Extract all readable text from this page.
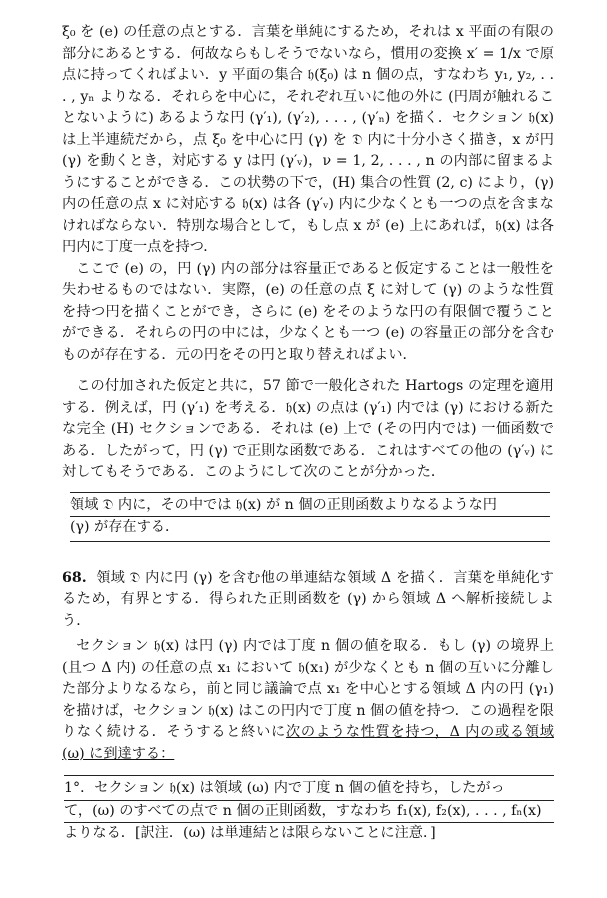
ξ₀ を (e) の任意の点とする．言葉を単純にするため，それは x 平面の有限の部分にあるとする．何故ならもしそうでないなら，慣用の変換 x′ = 1/x で原点に持ってくればよい．y 平面の集合 𝔥(ξ₀) は n 個の点，すなわち y₁, y₂, . . . , yₙ よりなる．それらを中心に，それぞれ互いに他の外に (円周が触れることないように) あるような円 (γ′₁), (γ′₂), . . . , (γ′ₙ) を描く．セクション 𝔥(x) は上半連続だから，点 ξ₀ を中心に円 (γ) を 𝔇 内に十分小さく描き，x が円 (γ) を動くとき，対応する y は円 (γ′ᵥ)，ν = 1, 2, . . . , n の内部に留まるようにすることができる．この状勢の下で，(H) 集合の性質 (2, c) により，(γ) 内の任意の点 x に対応する 𝔥(x) は各 (γ′ᵥ) 内に少なくとも一つの点を含まなければならない．特別な場合として，もし点 x が (e) 上にあれば，𝔥(x) は各円内に丁度一点を持つ．

ここで (e) の，円 (γ) 内の部分は容量正であると仮定することは一般性を失わせるものではない．実際，(e) の任意の点 ξ に対して (γ) のような性質を持つ円を描くことができ，さらに (e) をそのような円の有限個で覆うことができる．それらの円の中には，少なくとも一つ (e) の容量正の部分を含むものが存在する．元の円をその円と取り替えればよい．

この付加された仮定と共に，57 節で一般化された Hartogs の定理を適用する．例えば，円 (γ′₁) を考える．𝔥(x) の点は (γ′₁) 内では (γ) における新たな完全 (H) セクションである．それは (e) 上で (その円内では) 一価函数である．したがって，円 (γ) で正則な函数である．これはすべての他の (γ′ᵥ) に対してもそうである．このようにして次のことが分かった．

領域 𝔇 内に，その中では 𝔥(x) が n 個の正則函数よりなるような円
(γ) が存在する．

68. 領域 𝔇 内に円 (γ) を含む他の単連結な領域 Δ を描く．言葉を単純化するため，有界とする．得られた正則函数を (γ) から領域 Δ へ解析接続しよう．

セクション 𝔥(x) は円 (γ) 内では丁度 n 個の値を取る．もし (γ) の境界上 (且つ Δ 内) の任意の点 x₁ において 𝔥(x₁) が少なくとも n 個の互いに分離した部分よりなるなら，前と同じ議論で点 x₁ を中心とする領域 Δ 内の円 (γ₁) を描けば，セクション 𝔥(x) はこの円内で丁度 n 個の値を持つ．この過程を限りなく続ける．そうすると終いに次のような性質を持つ，Δ 内の或る領域 (ω) に到達する：

1°．セクション 𝔥(x) は領域 (ω) 内で丁度 n 個の値を持ち，したがっ
て，(ω) のすべての点で n 個の正則函数，すなわち f₁(x), f₂(x), . . . , fₙ(x)
よりなる．[訳注．(ω) は単連結とは限らないことに注意．]
